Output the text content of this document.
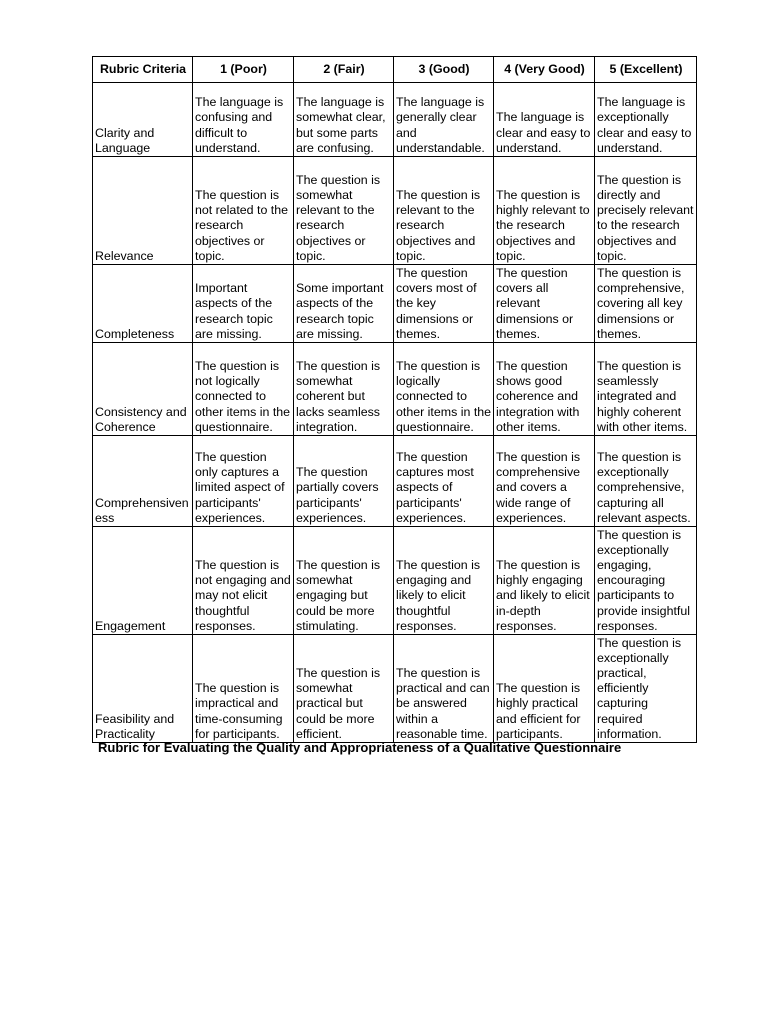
Rubric Criteria	1 (Poor)	2 (Fair)	3 (Good)	4 (Very Good)	5 (Excellent)
Clarity and Language	The language is confusing and difficult to understand.	The language is somewhat clear, but some parts are confusing.	The language is generally clear and understandable.	The language is clear and easy to understand.	The language is exceptionally clear and easy to understand.
Relevance	The question is not related to the research objectives or topic.	The question is somewhat relevant to the research objectives or topic.	The question is relevant to the research objectives and topic.	The question is highly relevant to the research objectives and topic.	The question is directly and precisely relevant to the research objectives and topic.
Completeness	Important aspects of the research topic are missing.	Some important aspects of the research topic are missing.	The question covers most of the key dimensions or themes.	The question covers all relevant dimensions or themes.	The question is comprehensive, covering all key dimensions or themes.
Consistency and Coherence	The question is not logically connected to other items in the questionnaire.	The question is somewhat coherent but lacks seamless integration.	The question is logically connected to other items in the questionnaire.	The question shows good coherence and integration with other items.	The question is seamlessly integrated and highly coherent with other items.
Comprehensiveness	The question only captures a limited aspect of participants' experiences.	The question partially covers participants' experiences.	The question captures most aspects of participants' experiences.	The question is comprehensive and covers a wide range of experiences.	The question is exceptionally comprehensive, capturing all relevant aspects.
Engagement	The question is not engaging and may not elicit thoughtful responses.	The question is somewhat engaging but could be more stimulating.	The question is engaging and likely to elicit thoughtful responses.	The question is highly engaging and likely to elicit in-depth responses.	The question is exceptionally engaging, encouraging participants to provide insightful responses.
Feasibility and Practicality	The question is impractical and time-consuming for participants.	The question is somewhat practical but could be more efficient.	The question is practical and can be answered within a reasonable time.	The question is highly practical and efficient for participants.	The question is exceptionally practical, efficiently capturing required information.
Rubric for Evaluating the Quality and Appropriateness of a Qualitative Questionnaire
